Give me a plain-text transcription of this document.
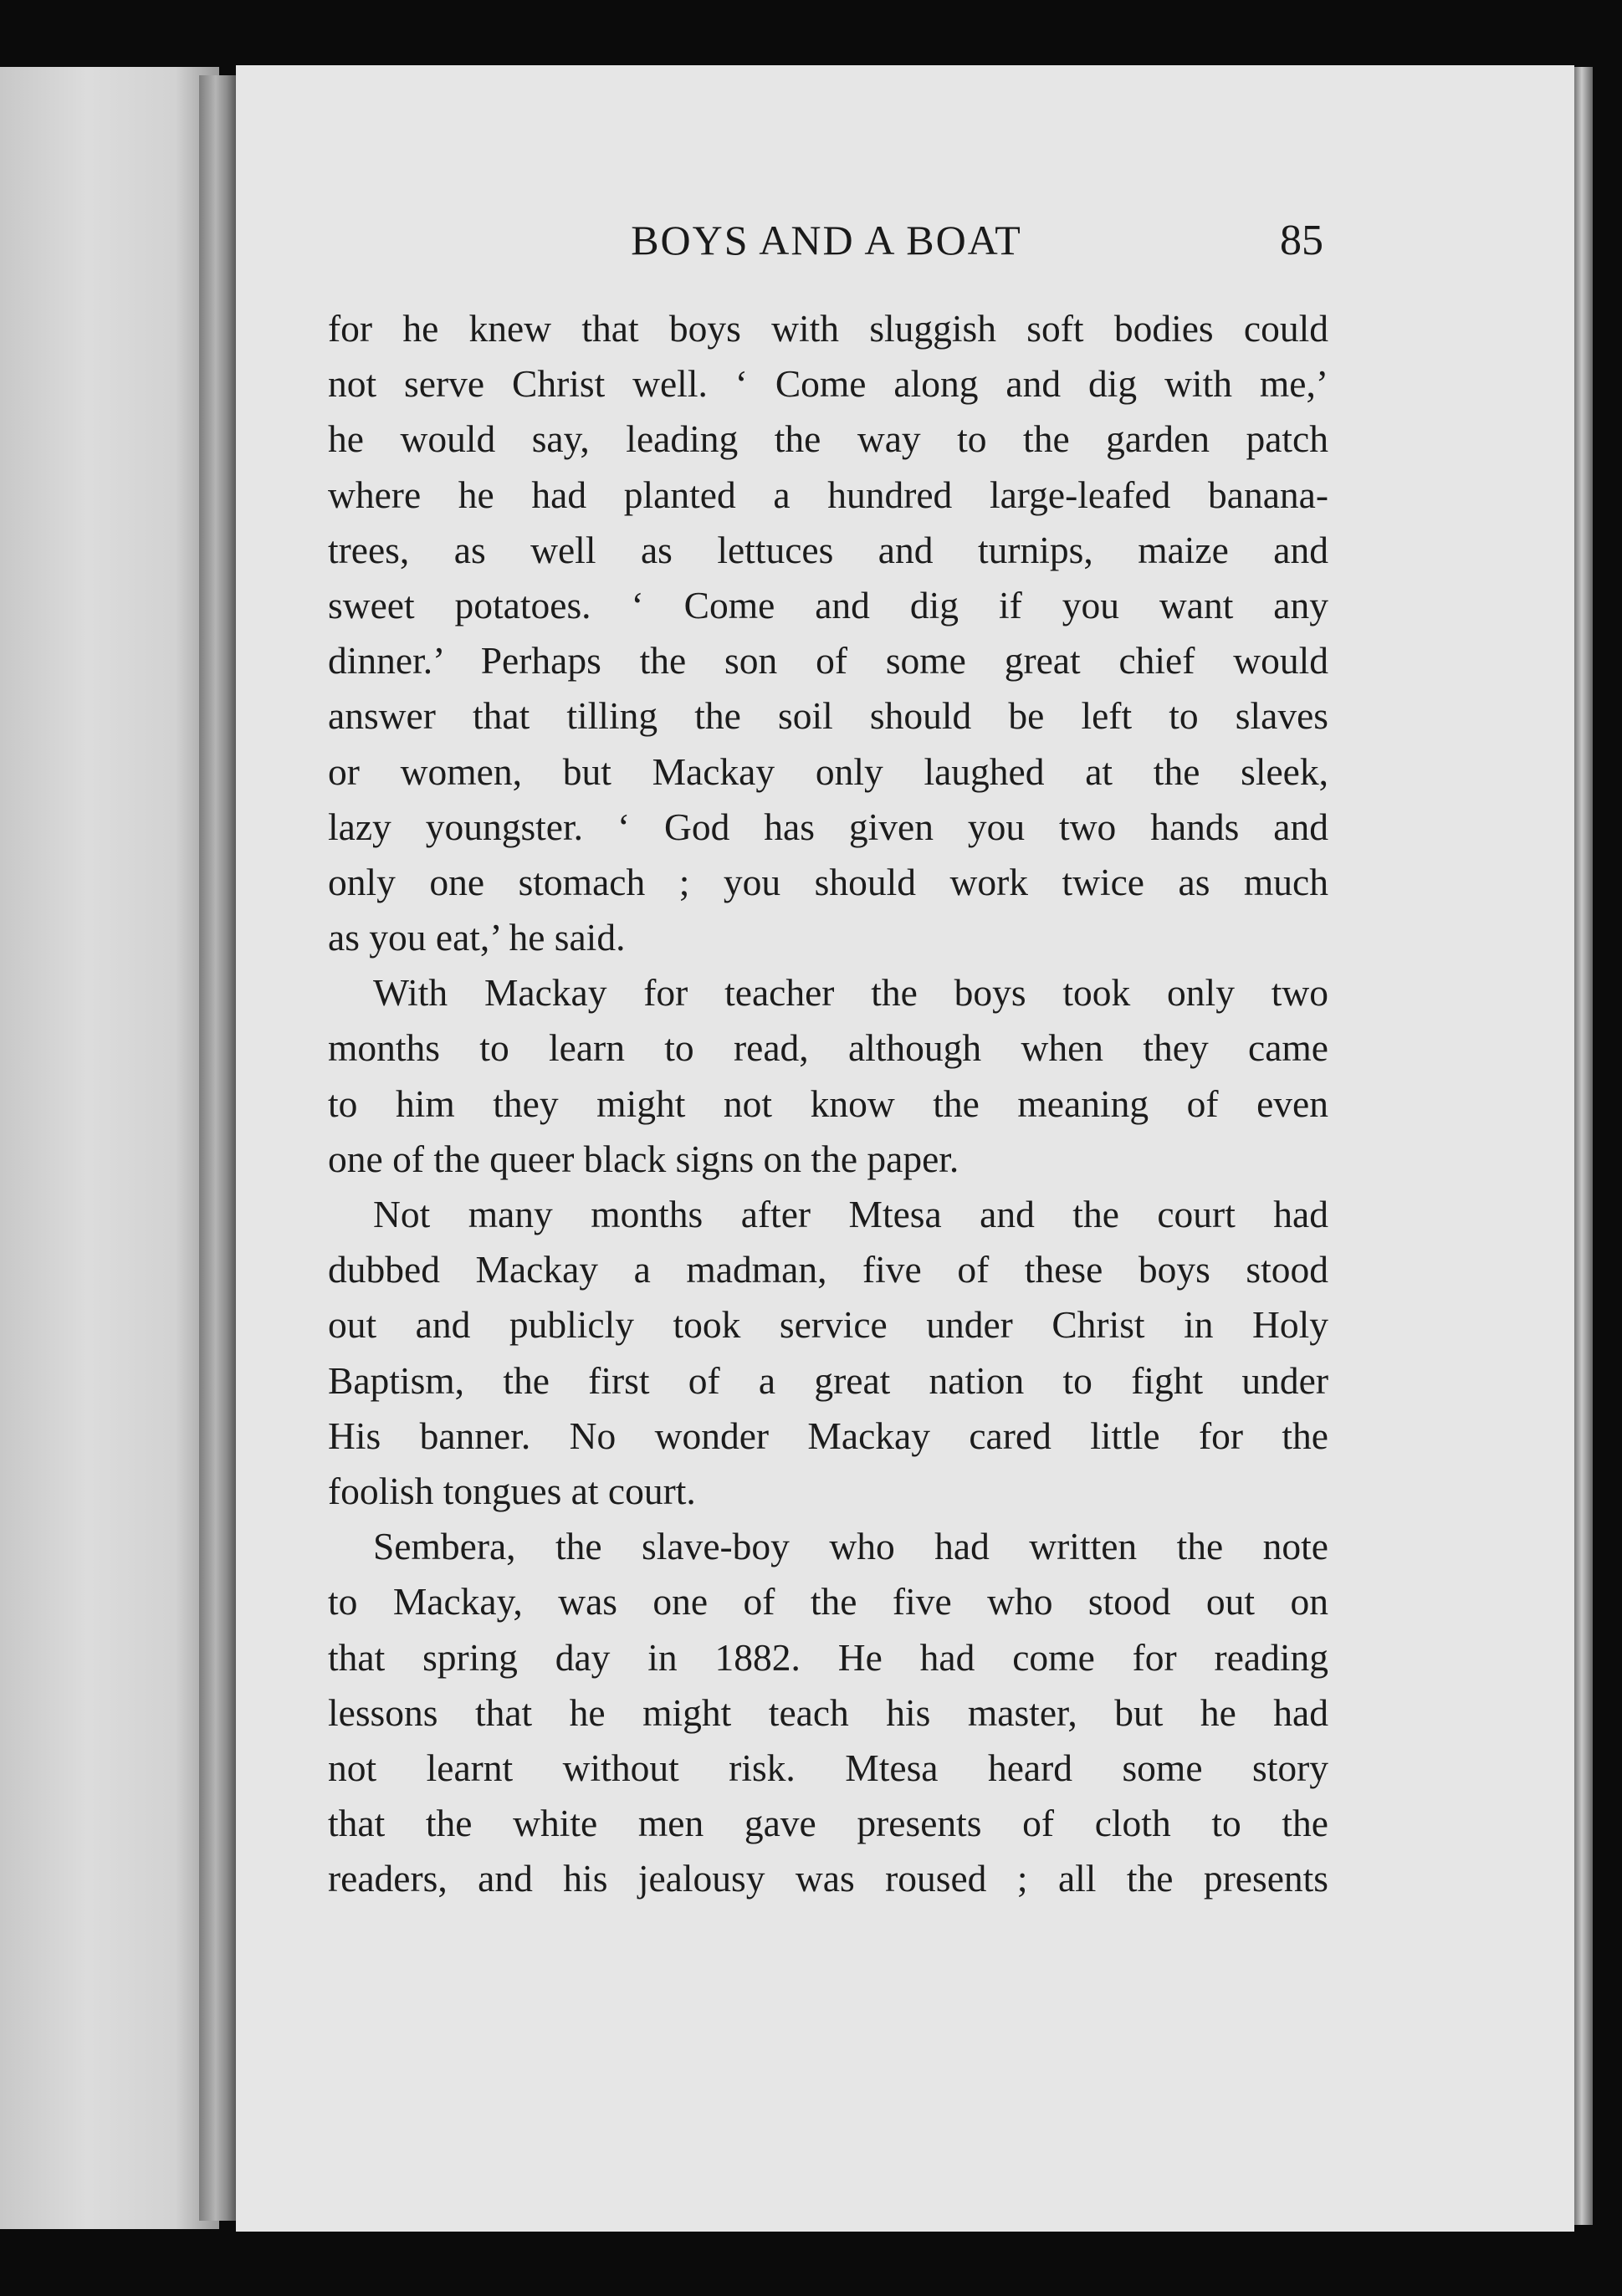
BOYS AND A BOAT	85
for he knew that boys with sluggish soft bodies could
not serve Christ well. ‘ Come along and dig with me,’
he would say, leading the way to the garden patch
where he had planted a hundred large-leafed banana-
trees, as well as lettuces and turnips, maize and
sweet potatoes. ‘ Come and dig if you want any
dinner.’ Perhaps the son of some great chief would
answer that tilling the soil should be left to slaves
or women, but Mackay only laughed at the sleek,
lazy youngster. ‘ God has given you two hands and
only one stomach ; you should work twice as much
as you eat,’ he said.
With Mackay for teacher the boys took only two
months to learn to read, although when they came
to him they might not know the meaning of even
one of the queer black signs on the paper.
Not many months after Mtesa and the court had
dubbed Mackay a madman, five of these boys stood
out and publicly took service under Christ in Holy
Baptism, the first of a great nation to fight under
His banner. No wonder Mackay cared little for the
foolish tongues at court.
Sembera, the slave-boy who had written the note
to Mackay, was one of the five who stood out on
that spring day in 1882. He had come for reading
lessons that he might teach his master, but he had
not learnt without risk. Mtesa heard some story
that the white men gave presents of cloth to the
readers, and his jealousy was roused ; all the presents
